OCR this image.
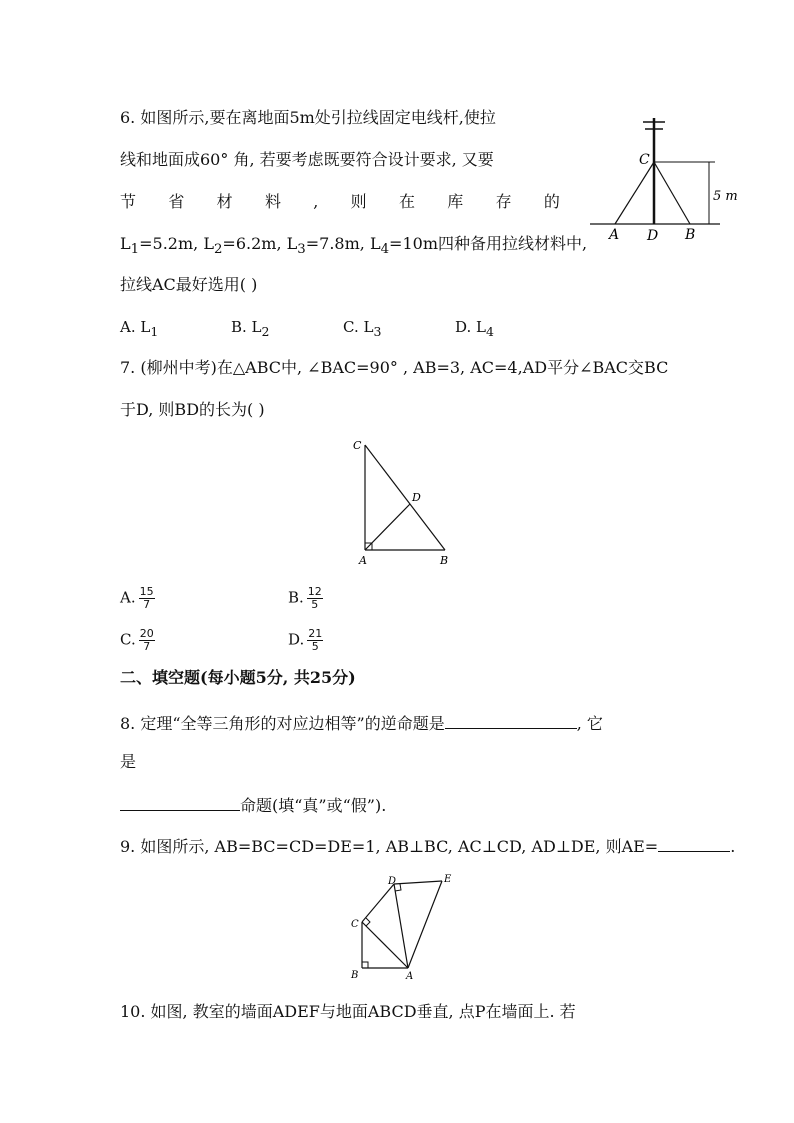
6. 如图所示,要在离地面5m处引拉线固定电线杆,使拉
线和地面成60° 角, 若要考虑既要符合设计要求, 又要
节 省 材 料 , 则 在 库 存 的
$L_1=5.2m$, $L_2=6.2m$, $L_3=7.8m$, $L_4=10m$四种备用拉线材料中,
拉线AC最好选用( )
A. $L_1$	B. $L_2$	C. $L_3$	D. $L_4$
C
A D B
5 m
7. (柳州中考)在△ABC中, ∠BAC=90° , AB=3, AC=4,AD平分∠BAC交BC
于D, 则BD的长为( )
C
D
A	B
A. $\frac{15}{7}$	B. $\frac{12}{5}$
C. $\frac{20}{7}$	D. $\frac{21}{5}$
二、填空题(每小题5分, 共25分)
8. 定理“全等三角形的对应边相等”的逆命题是	, 它
是
命题(填“真”或“假”).
9. 如图所示, AB=BC=CD=DE=1, AB⊥BC, AC⊥CD, AD⊥DE, 则AE=	.
D	E
C
B	A
10. 如图, 教室的墙面ADEF与地面ABCD垂直, 点P在墙面上. 若
